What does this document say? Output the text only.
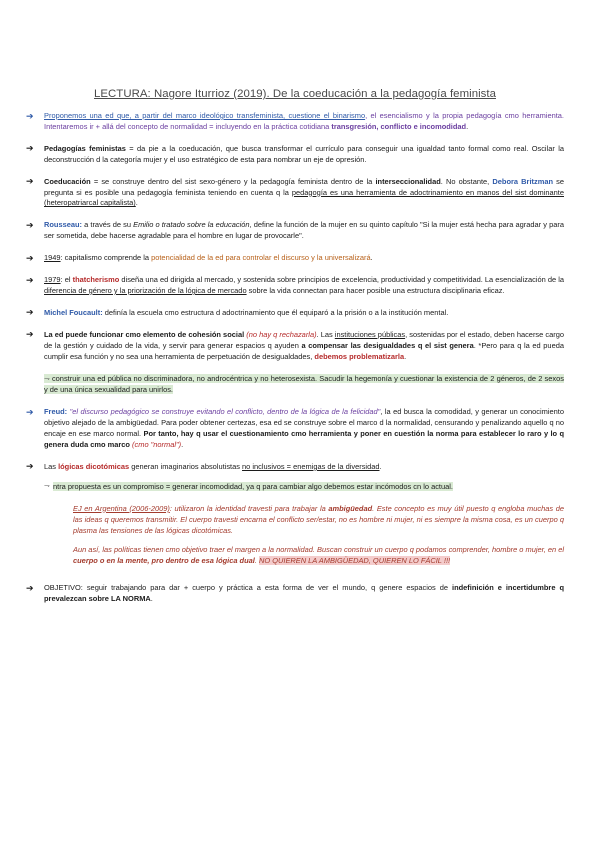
LECTURA: Nagore Iturrioz (2019). De la coeducación a la pedagogía feminista
➔ Proponemos una ed que, a partir del marco ideológico transfeminista, cuestione el binarismo, el esencialismo y la propia pedagogía cmo herramienta. Intentaremos ir + allá del concepto de normalidad = incluyendo en la práctica cotidiana transgresión, conflicto e incomodidad.
➔ Pedagogías feministas = da pie a la coeducación, que busca transformar el currículo para conseguir una igualdad tanto formal como real. Oscilar la deconstrucción d la categoría mujer y el uso estratégico de esta para nombrar un eje de opresión.
➔ Coeducación = se construye dentro del sist sexo-género y la pedagogía feminista dentro de la interseccionalidad. No obstante, Debora Britzman se pregunta si es posible una pedagogía feminista teniendo en cuenta q la pedagogía es una herramienta de adoctrinamiento en manos del sist dominante (heteropatriarcal capitalista).
➔ Rousseau: a través de su Emilio o tratado sobre la educación, define la función de la mujer en su quinto capítulo "Si la mujer está hecha para agradar y para ser sometida, debe hacerse agradable para el hombre en lugar de provocarle".
➔ 1949: capitalismo comprende la potencialidad de la ed para controlar el discurso y la universalizará.
➔ 1979: el thatcherismo diseña una ed dirigida al mercado, y sostenida sobre principios de excelencia, productividad y competitividad. La esencialización de la diferencia de género y la priorización de la lógica de mercado sobre la vida connectan para hacer posible una estructura disciplinaria eficaz.
➔ Michel Foucault: definía la escuela cmo estructura d adoctrinamiento que él equiparó a la prisión o a la institución mental.
➔ La ed puede funcionar cmo elemento de cohesión social (no hay q rechazarla). Las instituciones públicas, sostenidas por el estado, deben hacerse cargo de la gestión y cuidado de la vida, y servir para generar espacios q ayuden a compensar las desigualdades q el sist genera. *Pero para q la ed pueda cumplir esa función y no sea una herramienta de perpetuación de desigualdades, debemos problematizarla.
⇁ construir una ed pública no discriminadora, no androcéntrica y no heterosexista. Sacudir la hegemonía y cuestionar la existencia de 2 géneros, de 2 sexos y de una única sexualidad para unirlos.
➔ Freud: "el discurso pedagógico se construye evitando el conflicto, dentro de la lógica de la felicidad", la ed busca la comodidad, y generar un conocimiento objetivo alejado de la ambigüedad. Para poder obtener certezas, esa ed se construye sobre el marco d la normalidad, censurando y penalizando aquello q no encaje en ese marco normal. Por tanto, hay q usar el cuestionamiento cmo herramienta y poner en cuestión la norma para establecer lo raro y lo q genera duda cmo marco (cmo "normal").
➔ Las lógicas dicotómicas generan imaginarios absolutistas no inclusivos = enemigas de la diversidad.
⇁ ntra propuesta es un compromiso = generar incomodidad, ya q para cambiar algo debemos estar incómodos cn lo actual.
EJ en Argentina (2006-2009): utilizaron la identidad travesti para trabajar la ambigüedad. Este concepto es muy útil puesto q engloba muchas de las ideas q queremos transmitir. El cuerpo travesti encarna el conflicto ser/estar, no es hombre ni mujer, ni es siempre la misma cosa, es un cuerpo q plasma las tensiones de las lógicas dicotómicas.
Aun así, las políticas tienen cmo objetivo traer el margen a la normalidad. Buscan construir un cuerpo q podamos comprender, hombre o mujer, en el cuerpo o en la mente, pro dentro de esa lógica dual. NO QUIEREN LA AMBIGÜEDAD, QUIEREN LO FÁCIL !!!
➔ OBJETIVO: seguir trabajando para dar + cuerpo y práctica a esta forma de ver el mundo, q genere espacios de indefinición e incertidumbre q prevalezcan sobre LA NORMA.
